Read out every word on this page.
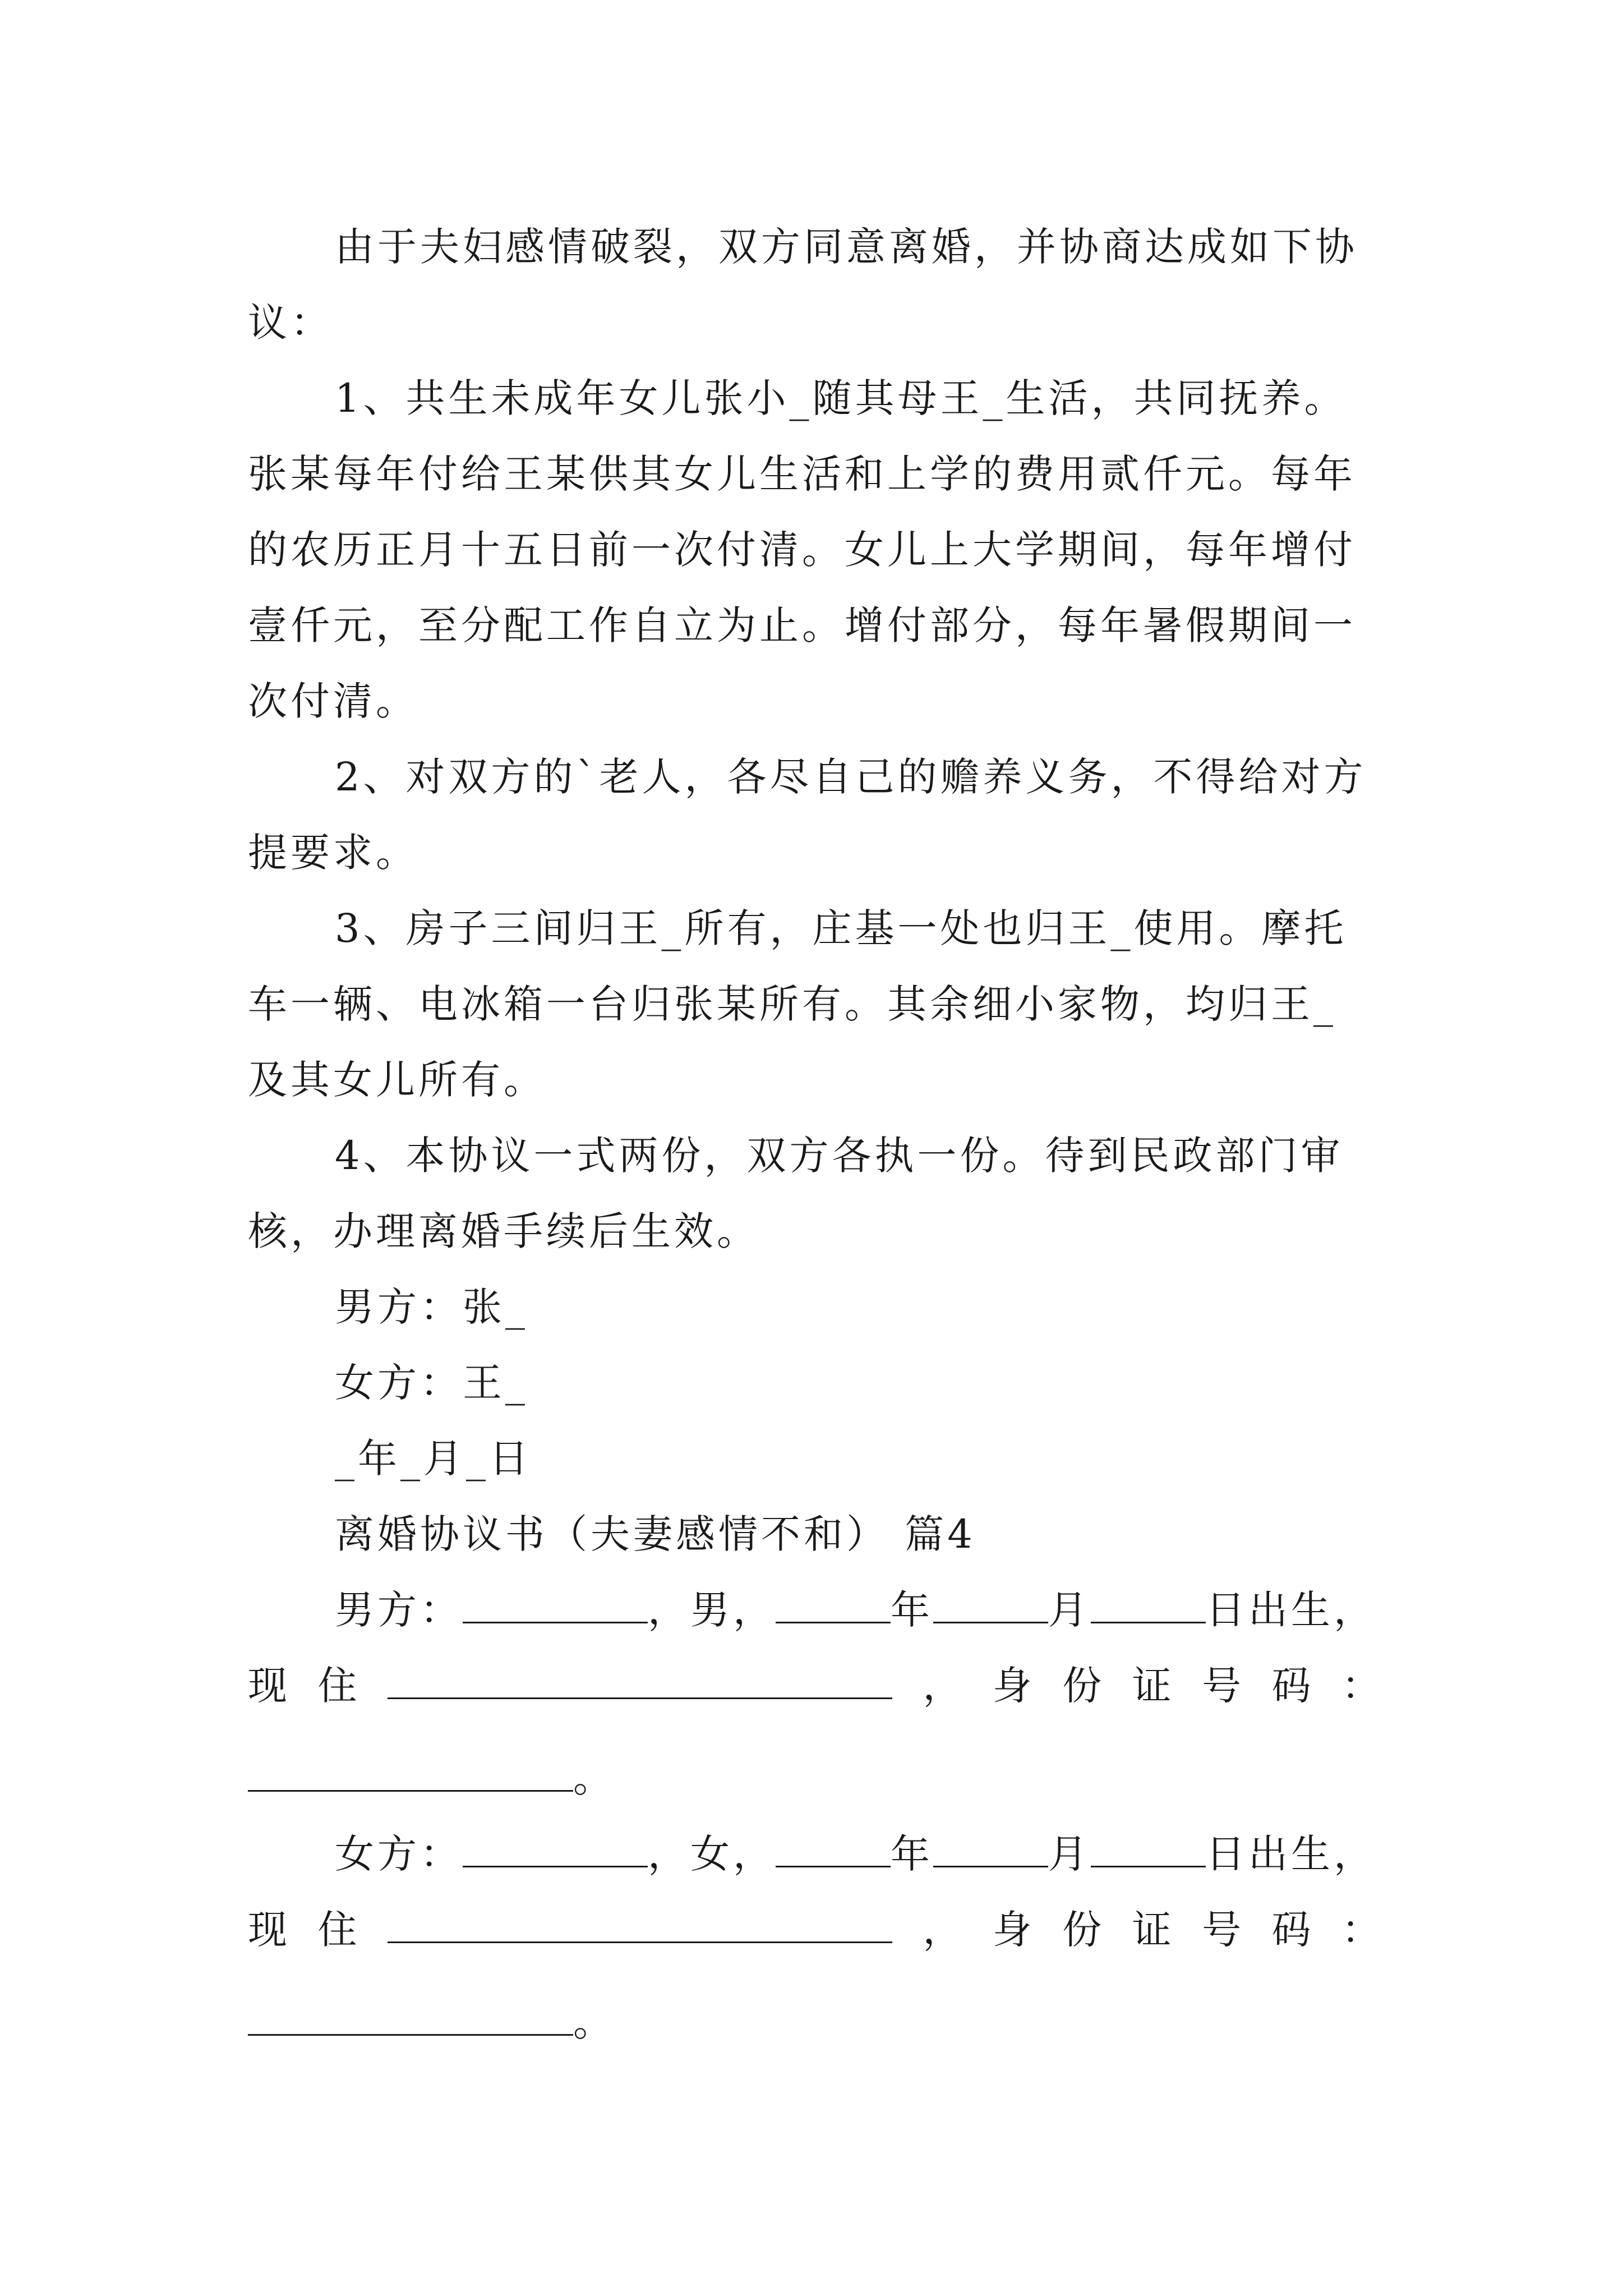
由于夫妇感情破裂，双方同意离婚，并协商达成如下协
议：
1、共生未成年女儿张小_随其母王_生活，共同抚养。
张某每年付给王某供其女儿生活和上学的费用贰仟元。每年
的农历正月十五日前一次付清。女儿上大学期间，每年增付
壹仟元，至分配工作自立为止。增付部分，每年暑假期间一
次付清。
2、对双方的`老人，各尽自己的赡养义务，不得给对方
提要求。
3、房子三间归王_所有，庄基一处也归王_使用。摩托
车一辆、电冰箱一台归张某所有。其余细小家物，均归王_
及其女儿所有。
4、本协议一式两份，双方各执一份。待到民政部门审
核，办理离婚手续后生效。
男方：张_
女方：王_
_年_月_日
离婚协议书（夫妻感情不和） 篇4
男方：	，男，	年	月	日出生，
现 住	， 身 份 证 号 码 ：
。
女方：	，女，	年	月	日出生，
现 住	， 身 份 证 号 码 ：
。
